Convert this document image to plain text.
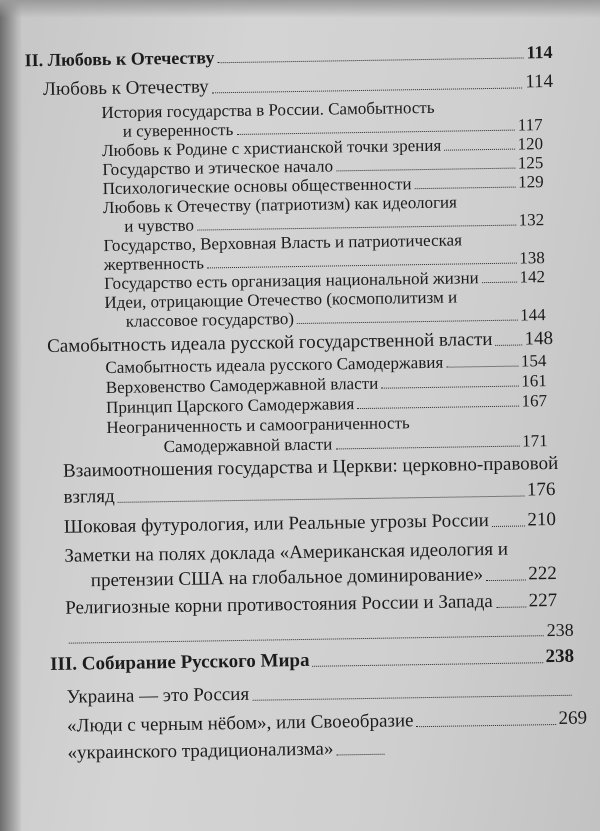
II. Любовь к Отечеству	114
Любовь к Отечеству	114
История государства в России. Самобытность
и суверенность	117
Любовь к Родине с христианской точки зрения	120
Государство и этическое начало	125
Психологические основы общественности	129
Любовь к Отечеству (патриотизм) как идеология
и чувство	132
Государство, Верховная Власть и патриотическая
жертвенность	138
Государство есть организация национальной жизни 142
Идеи, отрицающие Отечество (космополитизм и
классовое государство)	144
Самобытность идеала русской государственной власти 148
Самобытность идеала русского Самодержавия	154
Верховенство Самодержавной власти	161
Принцип Царского Самодержавия	167
Неограниченность и самоограниченность
Самодержавной власти	171
Взаимоотношения государства и Церкви: церковно-правовой
взгляд	176
Шоковая футурология, или Реальные угрозы России 210
Заметки на полях доклада «Американская идеология и
претензии США на глобальное доминирование» 222
Религиозные корни противостояния России и Запада 227
238
III. Собирание Русского Мира	238
Украина — это Россия
«Люди с черным нёбом», или Своеобразие	269
«украинского традиционализма»
